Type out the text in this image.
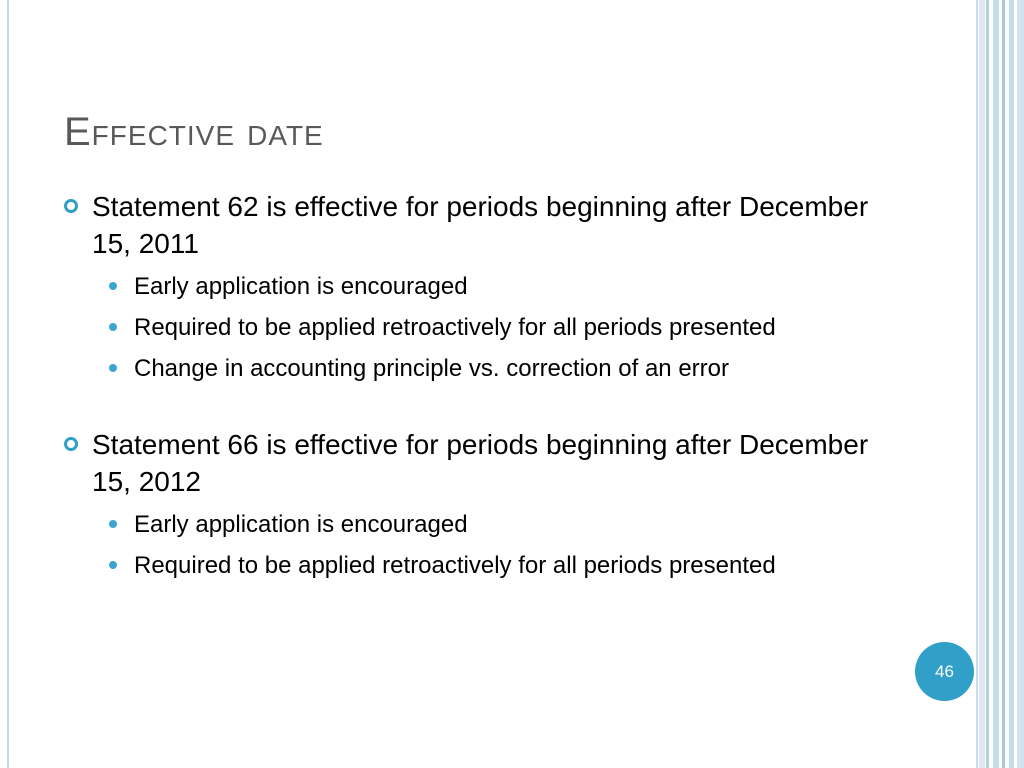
Effective date
Statement 62 is effective for periods beginning after December 15, 2011
Early application is encouraged
Required to be applied retroactively for all periods presented
Change in accounting principle vs. correction of an error
Statement 66 is effective for periods beginning after December 15, 2012
Early application is encouraged
Required to be applied retroactively for all periods presented
46
